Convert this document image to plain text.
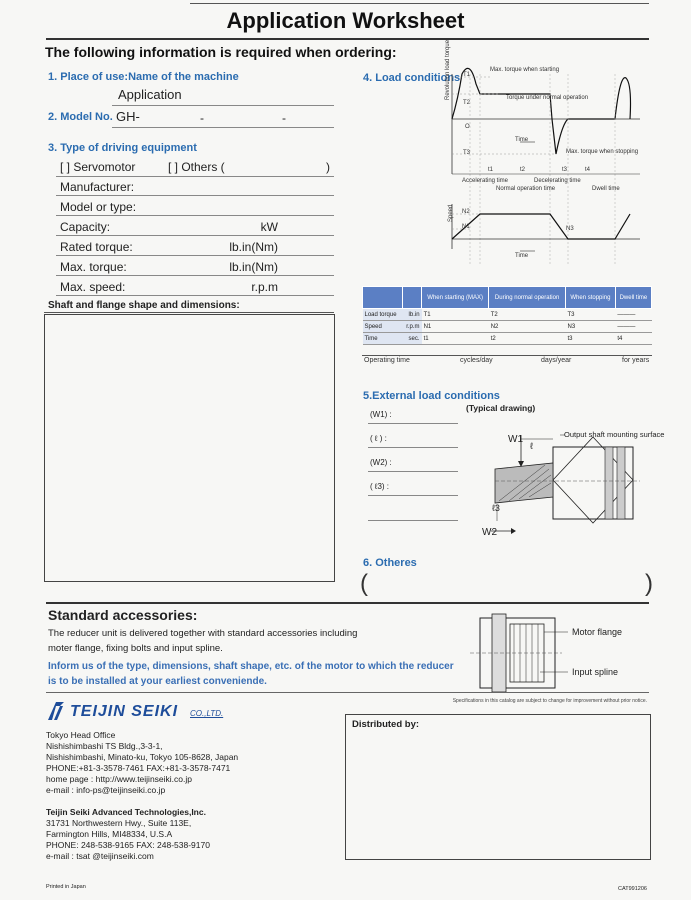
Application Worksheet
The following information is required when ordering:
1. Place of use:Name of the machine
Application
2. Model No. GH-	-	-
3. Type of driving equipment
[ ] Servomotor	[ ] Others (	)
Manufacturer:
Model or type:
Capacity:	kW
Rated torque:	lb.in(Nm)
Max. torque:	lb.in(Nm)
Max. speed:	r.p.m
Shaft and flange shape and dimensions:
4. Load conditions
Max. torque when starting
Torque under normal operation
Max. torque when stopping
Time
Revolution load torque T1
T2
O
T3
t1	t2	t3	t4
Accelerating time	Decelerating time
Normal operation time	Dwell time
Speed N2
N1	N3
Time
		When starting (MAX)	During normal operation	When stopping	Dwell time
Load torque	lb.in	T1	T2	T3	———
Speed	r.p.m	N1	N2	N3	———
Time	sec.	t1	t2	t3	t4
Operating time	cycles/day	days/year	for years
5.External load conditions
(Typical drawing)
(W1) :
( ℓ ) :
(W2) :
( ℓ3) :
W1
ℓ
ℓ3
W2
Output shaft mounting surface
6. Otheres
(	)
Standard accessories:
The reducer unit is delivered together with standard accessories including
moter flange, fixing bolts and input spline.
Inform us of the type, dimensions, shaft shape, etc. of the motor to which the reducer
is to be installed at your earliest conveniende.
Motor flange
Input spline
Specifications in this catalog are subject to change for improvement without prior notice.
TEIJIN SEIKI CO.,LTD.
Tokyo Head Office
Nishishimbashi TS Bldg.,3-3-1,
Nishishimbashi, Minato-ku, Tokyo 105-8628, Japan
PHONE:+81-3-3578-7461 FAX:+81-3-3578-7471
home page : http://www.teijinseiki.co.jp
e-mail : info-ps@teijinseiki.co.jp
Teijin Seiki Advanced Technologies,Inc.
31731 Northwestern Hwy., Suite 113E,
Farmington Hills, MI48334, U.S.A
PHONE: 248-538-9165 FAX: 248-538-9170
e-mail : tsat @teijinseiki.com
Distributed by:
Printed in Japan	CAT991206
